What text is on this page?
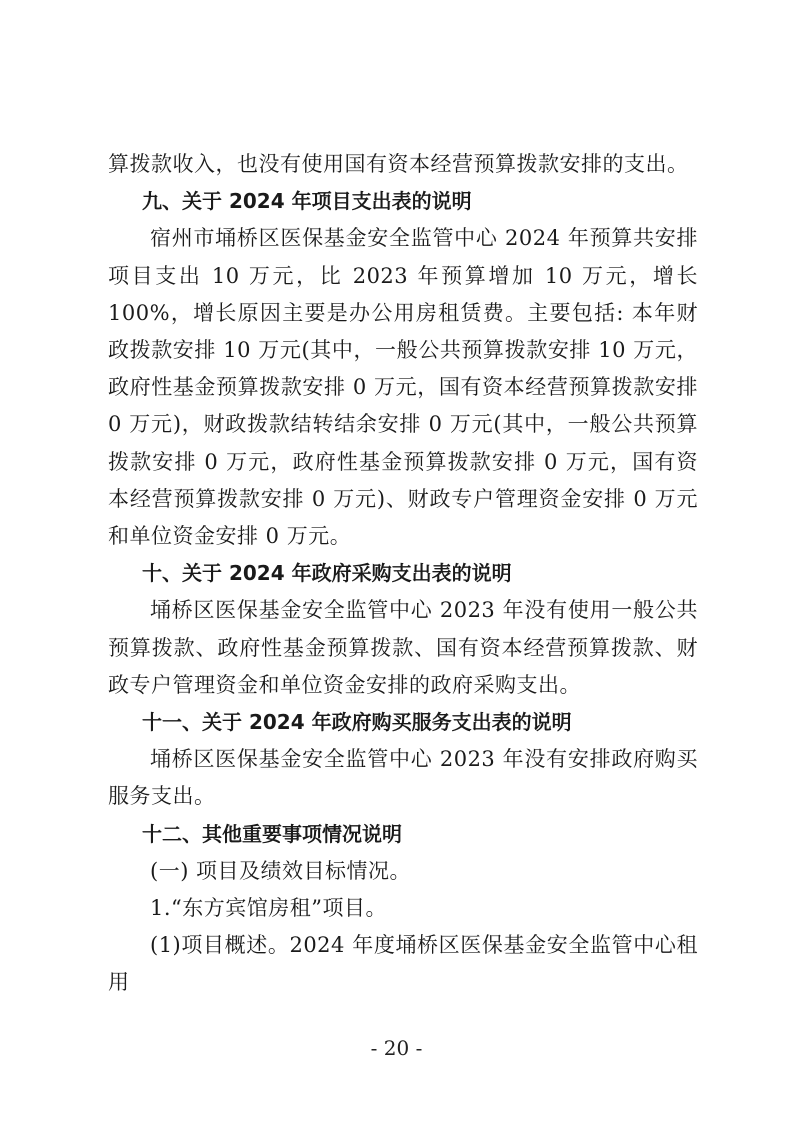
算拨款收入，也没有使用国有资本经营预算拨款安排的支出。

九、关于 2024 年项目支出表的说明

宿州市埇桥区医保基金安全监管中心 2024 年预算共安排项目支出 10 万元，比 2023 年预算增加 10 万元，增长 100%，增长原因主要是办公用房租赁费。主要包括: 本年财政拨款安排 10 万元(其中，一般公共预算拨款安排 10 万元，政府性基金预算拨款安排 0 万元，国有资本经营预算拨款安排 0 万元)，财政拨款结转结余安排 0 万元(其中，一般公共预算拨款安排 0 万元，政府性基金预算拨款安排 0 万元，国有资本经营预算拨款安排 0 万元)、财政专户管理资金安排 0 万元和单位资金安排 0 万元。

十、关于 2024 年政府采购支出表的说明

埇桥区医保基金安全监管中心 2023 年没有使用一般公共预算拨款、政府性基金预算拨款、国有资本经营预算拨款、财政专户管理资金和单位资金安排的政府采购支出。

十一、关于 2024 年政府购买服务支出表的说明

埇桥区医保基金安全监管中心 2023 年没有安排政府购买服务支出。

十二、其他重要事项情况说明

(一) 项目及绩效目标情况。

1.“东方宾馆房租”项目。

(1)项目概述。2024 年度埇桥区医保基金安全监管中心租用

- 20 -
